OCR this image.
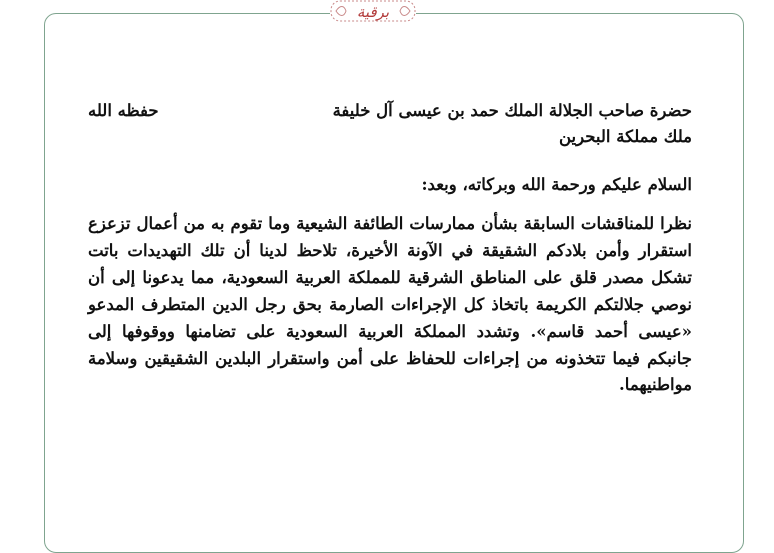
برقية
حضرة صاحب الجلالة الملك حمد بن عيسى آل خليفة
حفظه الله
ملك مملكة البحرين
السلام عليكم ورحمة الله وبركاته، وبعد:
نظرا للمناقشات السابقة بشأن ممارسات الطائفة الشيعية وما تقوم به من أعمال تزعزع استقرار وأمن بلادكم الشقيقة في الآونة الأخيرة، تلاحظ لدينا أن تلك التهديدات باتت تشكل مصدر قلق على المناطق الشرقية للمملكة العربية السعودية، مما يدعونا إلى أن نوصي جلالتكم الكريمة باتخاذ كل الإجراءات الصارمة بحق رجل الدين المتطرف المدعو «عيسى أحمد قاسم». وتشدد المملكة العربية السعودية على تضامنها ووقوفها إلى جانبكم فيما تتخذونه من إجراءات للحفاظ على أمن واستقرار البلدين الشقيقين وسلامة مواطنيهما.
